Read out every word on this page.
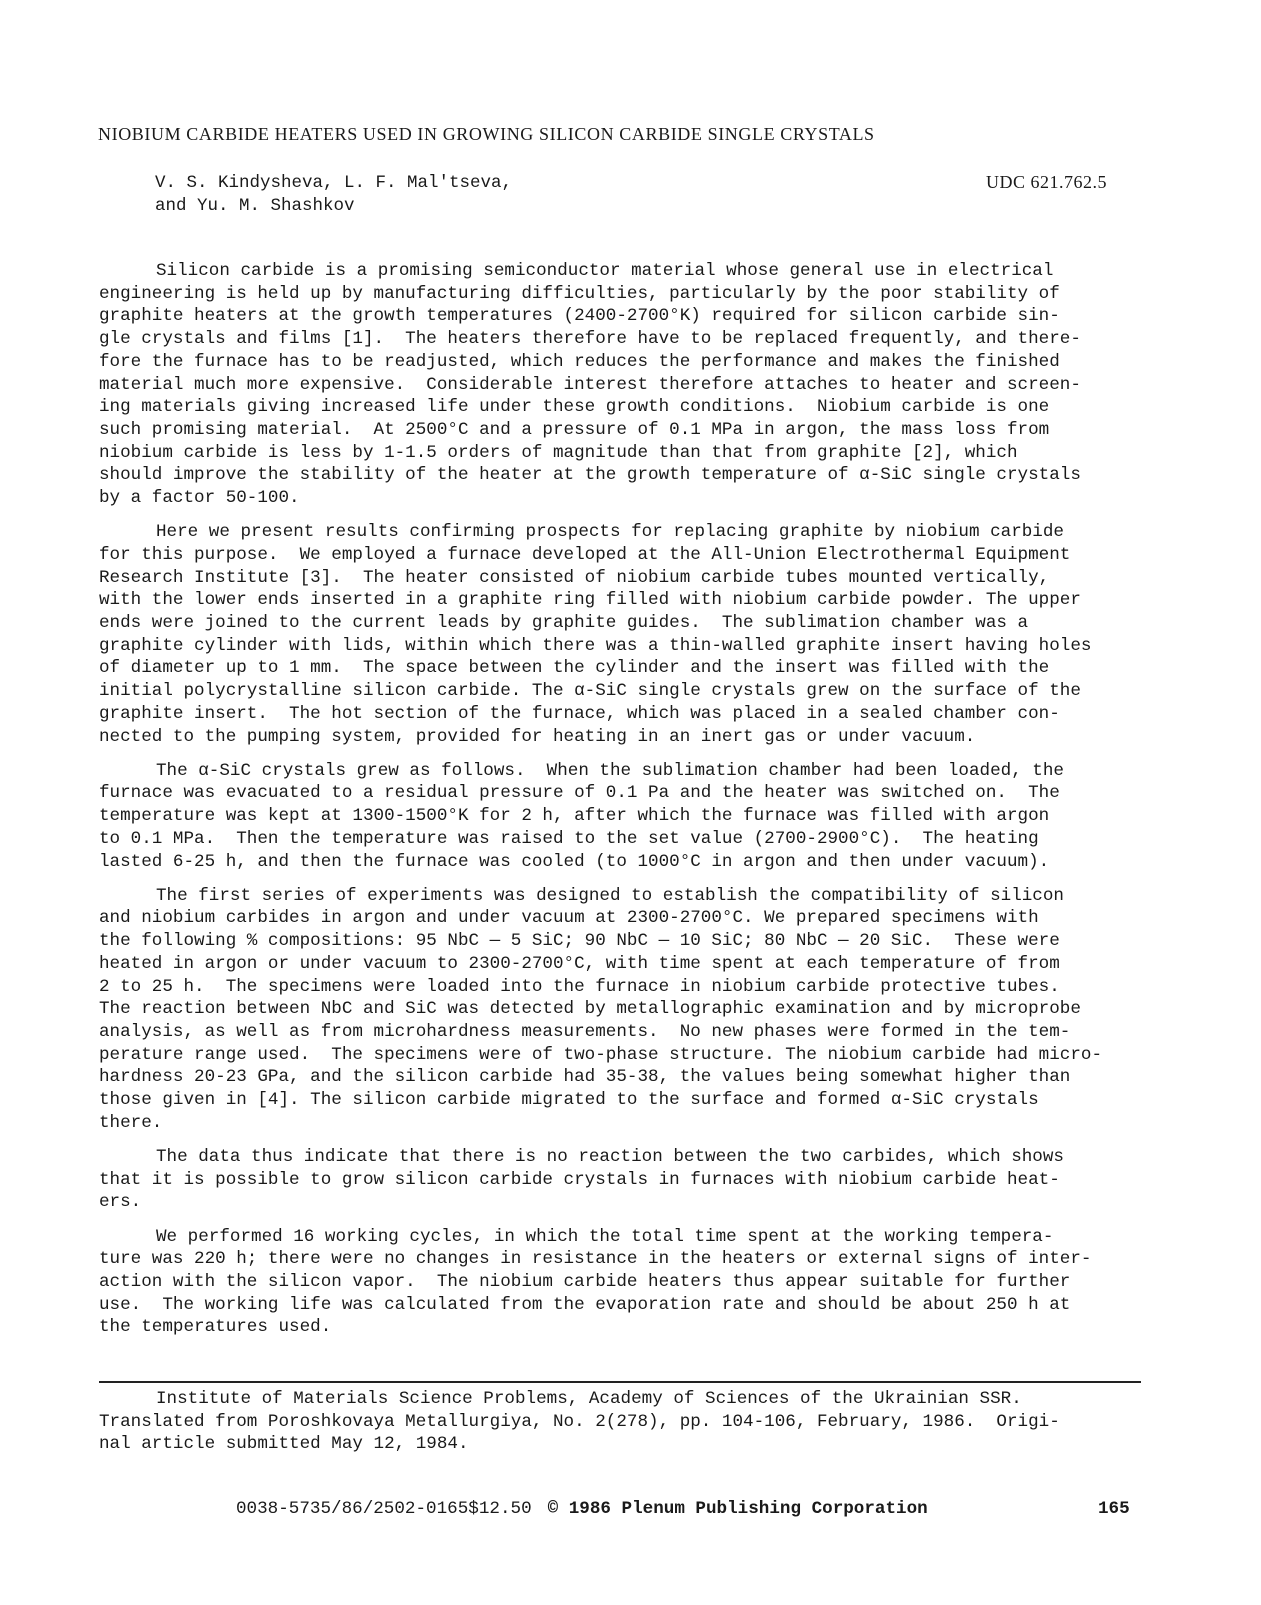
NIOBIUM CARBIDE HEATERS USED IN GROWING SILICON CARBIDE SINGLE CRYSTALS
V. S. Kindysheva, L. F. Mal'tseva,
and Yu. M. Shashkov
UDC 621.762.5

Silicon carbide is a promising semiconductor material whose general use in electrical
engineering is held up by manufacturing difficulties, particularly by the poor stability of
graphite heaters at the growth temperatures (2400-2700°K) required for silicon carbide sin-
gle crystals and films [1].  The heaters therefore have to be replaced frequently, and there-
fore the furnace has to be readjusted, which reduces the performance and makes the finished
material much more expensive.  Considerable interest therefore attaches to heater and screen-
ing materials giving increased life under these growth conditions.  Niobium carbide is one
such promising material.  At 2500°C and a pressure of 0.1 MPa in argon, the mass loss from
niobium carbide is less by 1-1.5 orders of magnitude than that from graphite [2], which
should improve the stability of the heater at the growth temperature of α-SiC single crystals
by a factor 50-100.

Here we present results confirming prospects for replacing graphite by niobium carbide
for this purpose.  We employed a furnace developed at the All-Union Electrothermal Equipment
Research Institute [3].  The heater consisted of niobium carbide tubes mounted vertically,
with the lower ends inserted in a graphite ring filled with niobium carbide powder. The upper
ends were joined to the current leads by graphite guides.  The sublimation chamber was a
graphite cylinder with lids, within which there was a thin-walled graphite insert having holes
of diameter up to 1 mm.  The space between the cylinder and the insert was filled with the
initial polycrystalline silicon carbide. The α-SiC single crystals grew on the surface of the
graphite insert.  The hot section of the furnace, which was placed in a sealed chamber con-
nected to the pumping system, provided for heating in an inert gas or under vacuum.

The α-SiC crystals grew as follows.  When the sublimation chamber had been loaded, the
furnace was evacuated to a residual pressure of 0.1 Pa and the heater was switched on.  The
temperature was kept at 1300-1500°K for 2 h, after which the furnace was filled with argon
to 0.1 MPa.  Then the temperature was raised to the set value (2700-2900°C).  The heating
lasted 6-25 h, and then the furnace was cooled (to 1000°C in argon and then under vacuum).

The first series of experiments was designed to establish the compatibility of silicon
and niobium carbides in argon and under vacuum at 2300-2700°C. We prepared specimens with
the following % compositions: 95 NbC — 5 SiC; 90 NbC — 10 SiC; 80 NbC — 20 SiC.  These were
heated in argon or under vacuum to 2300-2700°C, with time spent at each temperature of from
2 to 25 h.  The specimens were loaded into the furnace in niobium carbide protective tubes.
The reaction between NbC and SiC was detected by metallographic examination and by microprobe
analysis, as well as from microhardness measurements.  No new phases were formed in the tem-
perature range used.  The specimens were of two-phase structure. The niobium carbide had micro-
hardness 20-23 GPa, and the silicon carbide had 35-38, the values being somewhat higher than
those given in [4]. The silicon carbide migrated to the surface and formed α-SiC crystals
there.

The data thus indicate that there is no reaction between the two carbides, which shows
that it is possible to grow silicon carbide crystals in furnaces with niobium carbide heat-
ers.

We performed 16 working cycles, in which the total time spent at the working tempera-
ture was 220 h; there were no changes in resistance in the heaters or external signs of inter-
action with the silicon vapor.  The niobium carbide heaters thus appear suitable for further
use.  The working life was calculated from the evaporation rate and should be about 250 h at
the temperatures used.

Institute of Materials Science Problems, Academy of Sciences of the Ukrainian SSR.
Translated from Poroshkovaya Metallurgiya, No. 2(278), pp. 104-106, February, 1986.  Origi-
nal article submitted May 12, 1984.
0038-5735/86/2502-0165$12.50 © 1986 Plenum Publishing Corporation	165
